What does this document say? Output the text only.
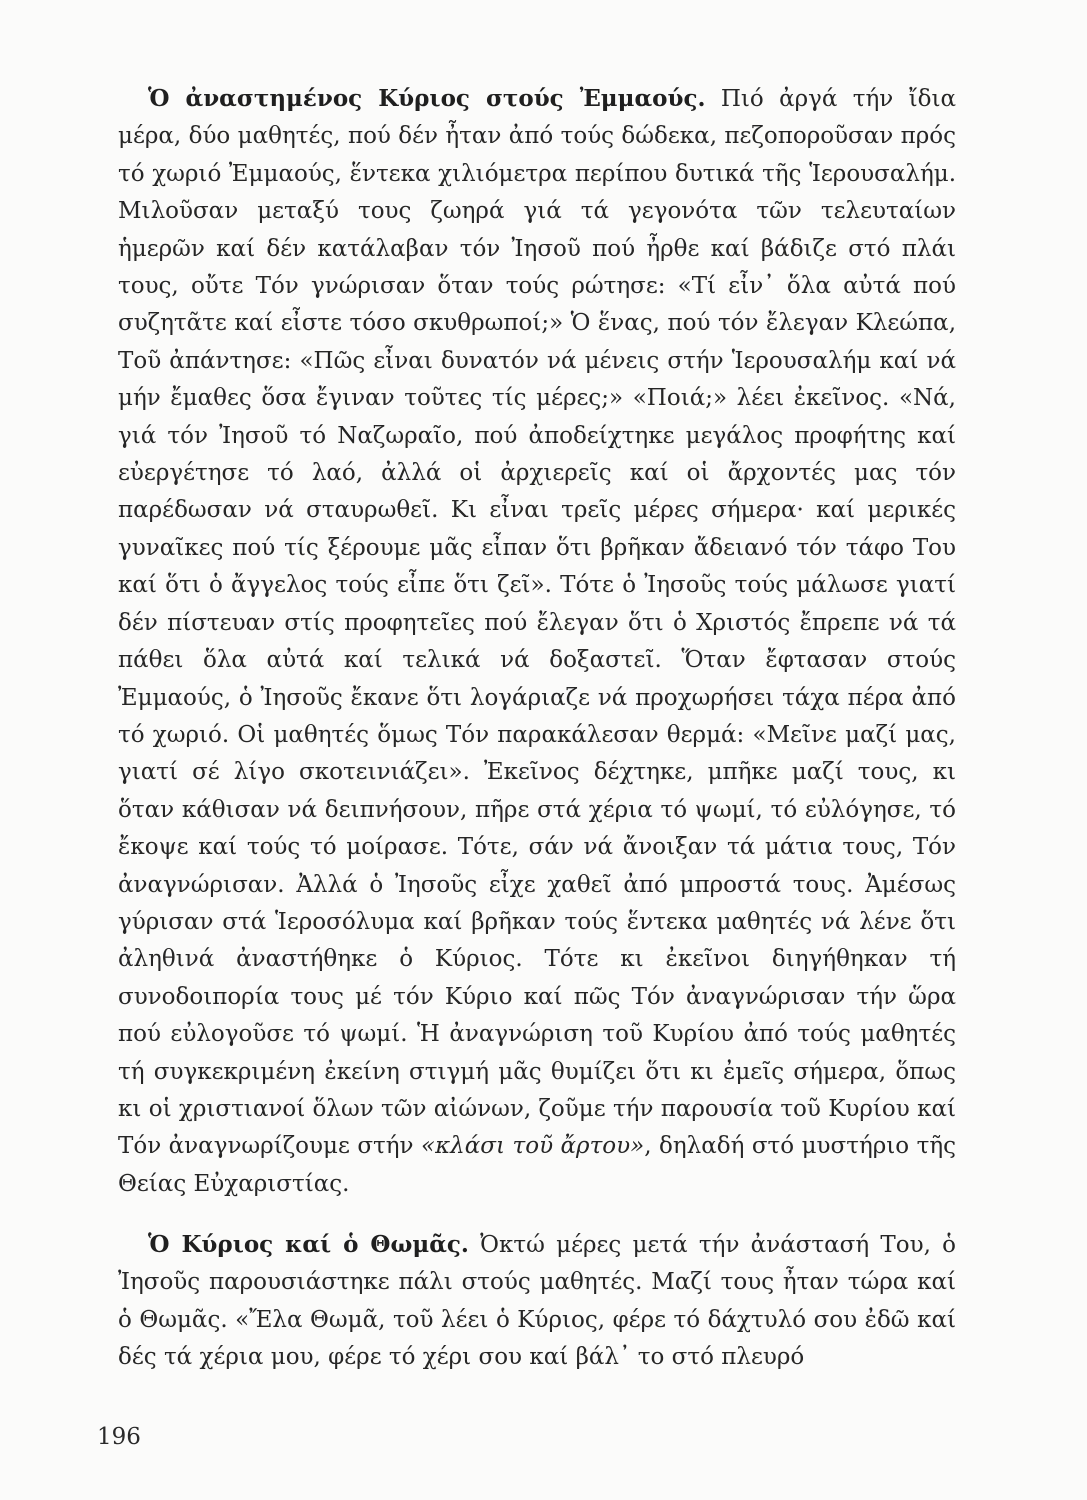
Ὁ ἀναστημένος Κύριος στούς Ἐμμαούς. Πιό ἀργά τήν ἴδια μέρα, δύο μαθητές, πού δέν ἦταν ἀπό τούς δώδεκα, πεζοποροῦσαν πρός τό χωριό Ἐμμαούς, ἕντεκα χιλιόμετρα περίπου δυτικά τῆς Ἱερουσαλήμ. Μιλοῦσαν μεταξύ τους ζωηρά γιά τά γεγονότα τῶν τελευταίων ἡμερῶν καί δέν κατάλαβαν τόν Ἰησοῦ πού ἦρθε καί βάδιζε στό πλάι τους, οὔτε Τόν γνώρισαν ὅταν τούς ρώτησε: «Τί εἶν᾽ ὅλα αὐτά πού συζητᾶτε καί εἶστε τόσο σκυθρωποί;» Ὁ ἕνας, πού τόν ἔλεγαν Κλεώπα, Τοῦ ἀπάντησε: «Πῶς εἶναι δυνατόν νά μένεις στήν Ἱερουσαλήμ καί νά μήν ἔμαθες ὅσα ἔγιναν τοῦτες τίς μέρες;» «Ποιά;» λέει ἐκεῖνος. «Νά, γιά τόν Ἰησοῦ τό Ναζωραῖο, πού ἀποδείχτηκε μεγάλος προφήτης καί εὐεργέτησε τό λαό, ἀλλά οἱ ἀρχιερεῖς καί οἱ ἄρχοντές μας τόν παρέδωσαν νά σταυρωθεῖ. Κι εἶναι τρεῖς μέρες σήμερα· καί μερικές γυναῖκες πού τίς ξέρουμε μᾶς εἶπαν ὅτι βρῆκαν ἄδειανό τόν τάφο Του καί ὅτι ὁ ἄγγελος τούς εἶπε ὅτι ζεῖ». Τότε ὁ Ἰησοῦς τούς μάλωσε γιατί δέν πίστευαν στίς προφητεῖες πού ἔλεγαν ὅτι ὁ Χριστός ἔπρεπε νά τά πάθει ὅλα αὐτά καί τελικά νά δοξαστεῖ. Ὅταν ἔφτασαν στούς Ἐμμαούς, ὁ Ἰησοῦς ἔκανε ὅτι λογάριαζε νά προχωρήσει τάχα πέρα ἀπό τό χωριό. Οἱ μαθητές ὅμως Τόν παρακάλεσαν θερμά: «Μεῖνε μαζί μας, γιατί σέ λίγο σκοτεινιάζει». Ἐκεῖνος δέχτηκε, μπῆκε μαζί τους, κι ὅταν κάθισαν νά δειπνήσουν, πῆρε στά χέρια τό ψωμί, τό εὐλόγησε, τό ἔκοψε καί τούς τό μοίρασε. Τότε, σάν νά ἄνοιξαν τά μάτια τους, Τόν ἀναγνώρισαν. Ἀλλά ὁ Ἰησοῦς εἶχε χαθεῖ ἀπό μπροστά τους. Ἀμέσως γύρισαν στά Ἱεροσόλυμα καί βρῆκαν τούς ἕντεκα μαθητές νά λένε ὅτι ἀληθινά ἀναστήθηκε ὁ Κύριος. Τότε κι ἐκεῖνοι διηγήθηκαν τή συνοδοιπορία τους μέ τόν Κύριο καί πῶς Τόν ἀναγνώρισαν τήν ὥρα πού εὐλογοῦσε τό ψωμί. Ἡ ἀναγνώριση τοῦ Κυρίου ἀπό τούς μαθητές τή συγκεκριμένη ἐκείνη στιγμή μᾶς θυμίζει ὅτι κι ἐμεῖς σήμερα, ὅπως κι οἱ χριστιανοί ὅλων τῶν αἰώνων, ζοῦμε τήν παρουσία τοῦ Κυρίου καί Τόν ἀναγνωρίζουμε στήν «κλάσι τοῦ ἄρτου», δηλαδή στό μυστήριο τῆς Θείας Εὐχαριστίας.

Ὁ Κύριος καί ὁ Θωμᾶς. Ὀκτώ μέρες μετά τήν ἀνάστασή Του, ὁ Ἰησοῦς παρουσιάστηκε πάλι στούς μαθητές. Μαζί τους ἦταν τώρα καί ὁ Θωμᾶς. «Ἔλα Θωμᾶ, τοῦ λέει ὁ Κύριος, φέρε τό δάχτυλό σου ἐδῶ καί δές τά χέρια μου, φέρε τό χέρι σου καί βάλ᾽ το στό πλευρό

196
